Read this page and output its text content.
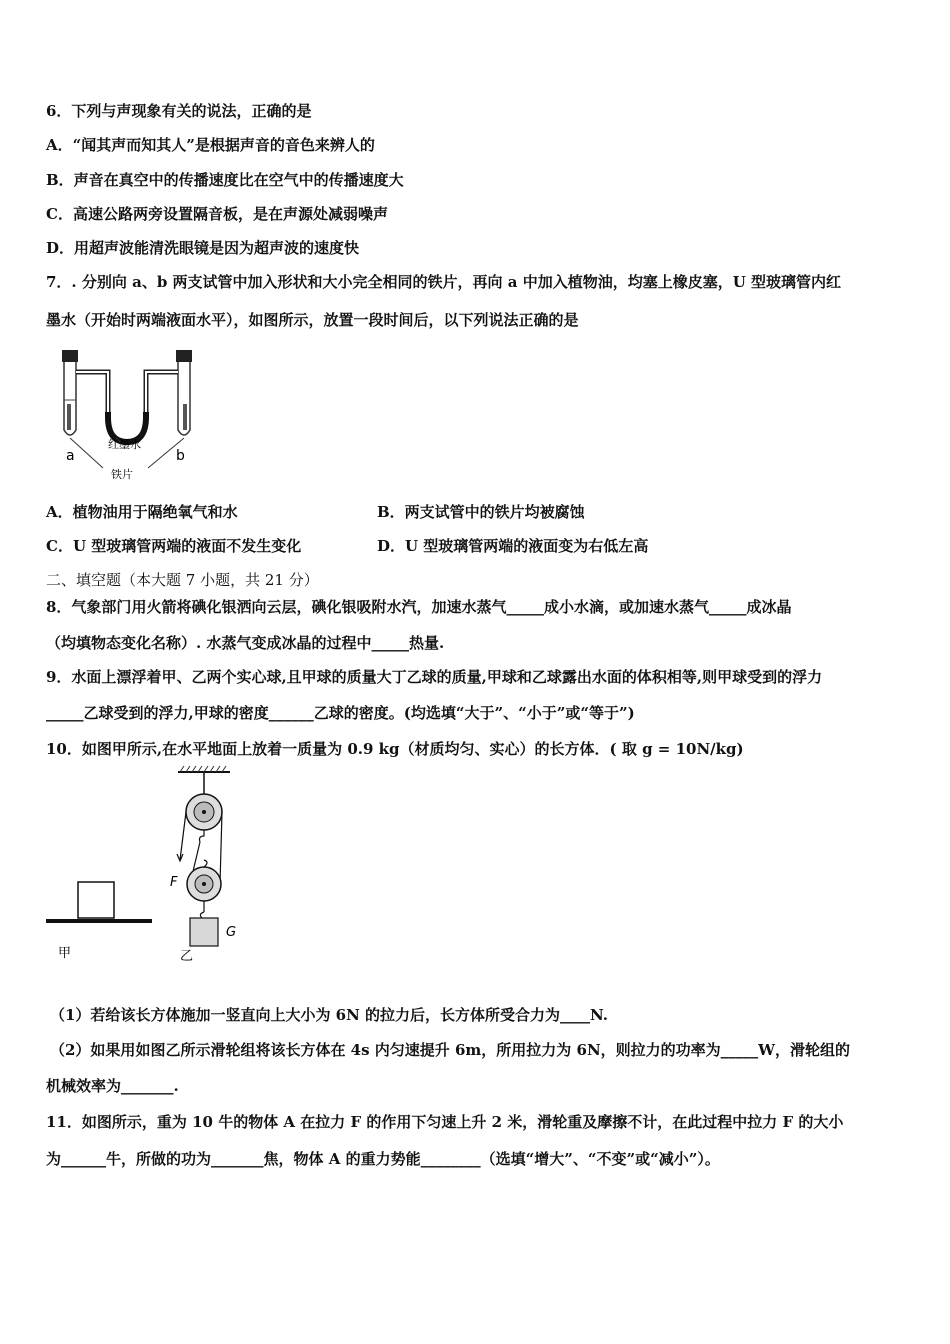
6．下列与声现象有关的说法，正确的是
A．“闻其声而知其人”是根据声音的音色来辨人的
B．声音在真空中的传播速度比在空气中的传播速度大
C．高速公路两旁设置隔音板，是在声源处减弱噪声
D．用超声波能清洗眼镜是因为超声波的速度快
7．. 分别向 a、b 两支试管中加入形状和大小完全相同的铁片，再向 a 中加入植物油，均塞上橡皮塞，U 型玻璃管内红
墨水（开始时两端液面水平），如图所示，放置一段时间后，以下列说法正确的是
红墨水
a	b
铁片
A．植物油用于隔绝氧气和水	B．两支试管中的铁片均被腐蚀
C．U 型玻璃管两端的液面不发生变化	D．U 型玻璃管两端的液面变为右低左高
二、填空题（本大题 7 小题，共 21 分）
8．气象部门用火箭将碘化银洒向云层，碘化银吸附水汽，加速水蒸气_____成小水滴，或加速水蒸气_____成冰晶
（均填物态变化名称）. 水蒸气变成冰晶的过程中_____热量.
9．水面上漂浮着甲、乙两个实心球,且甲球的质量大丁乙球的质量,甲球和乙球露出水面的体积相等,则甲球受到的浮力
_____乙球受到的浮力,甲球的密度______乙球的密度。(均选填“大于”、“小于”或“等于”)
10．如图甲所示,在水平地面上放着一质量为 0.9 kg（材质均匀、实心）的长方体．( 取 g = 10N/kg)
甲
F
G
乙
（1）若给该长方体施加一竖直向上大小为 6N 的拉力后，长方体所受合力为____N.
（2）如果用如图乙所示滑轮组将该长方体在 4s 内匀速提升 6m，所用拉力为 6N，则拉力的功率为_____W，滑轮组的
机械效率为_______.
11．如图所示，重为 10 牛的物体 A 在拉力 F 的作用下匀速上升 2 米，滑轮重及摩擦不计，在此过程中拉力 F 的大小
为______牛，所做的功为_______焦，物体 A 的重力势能________（选填“增大”、“不变”或“减小”）。
